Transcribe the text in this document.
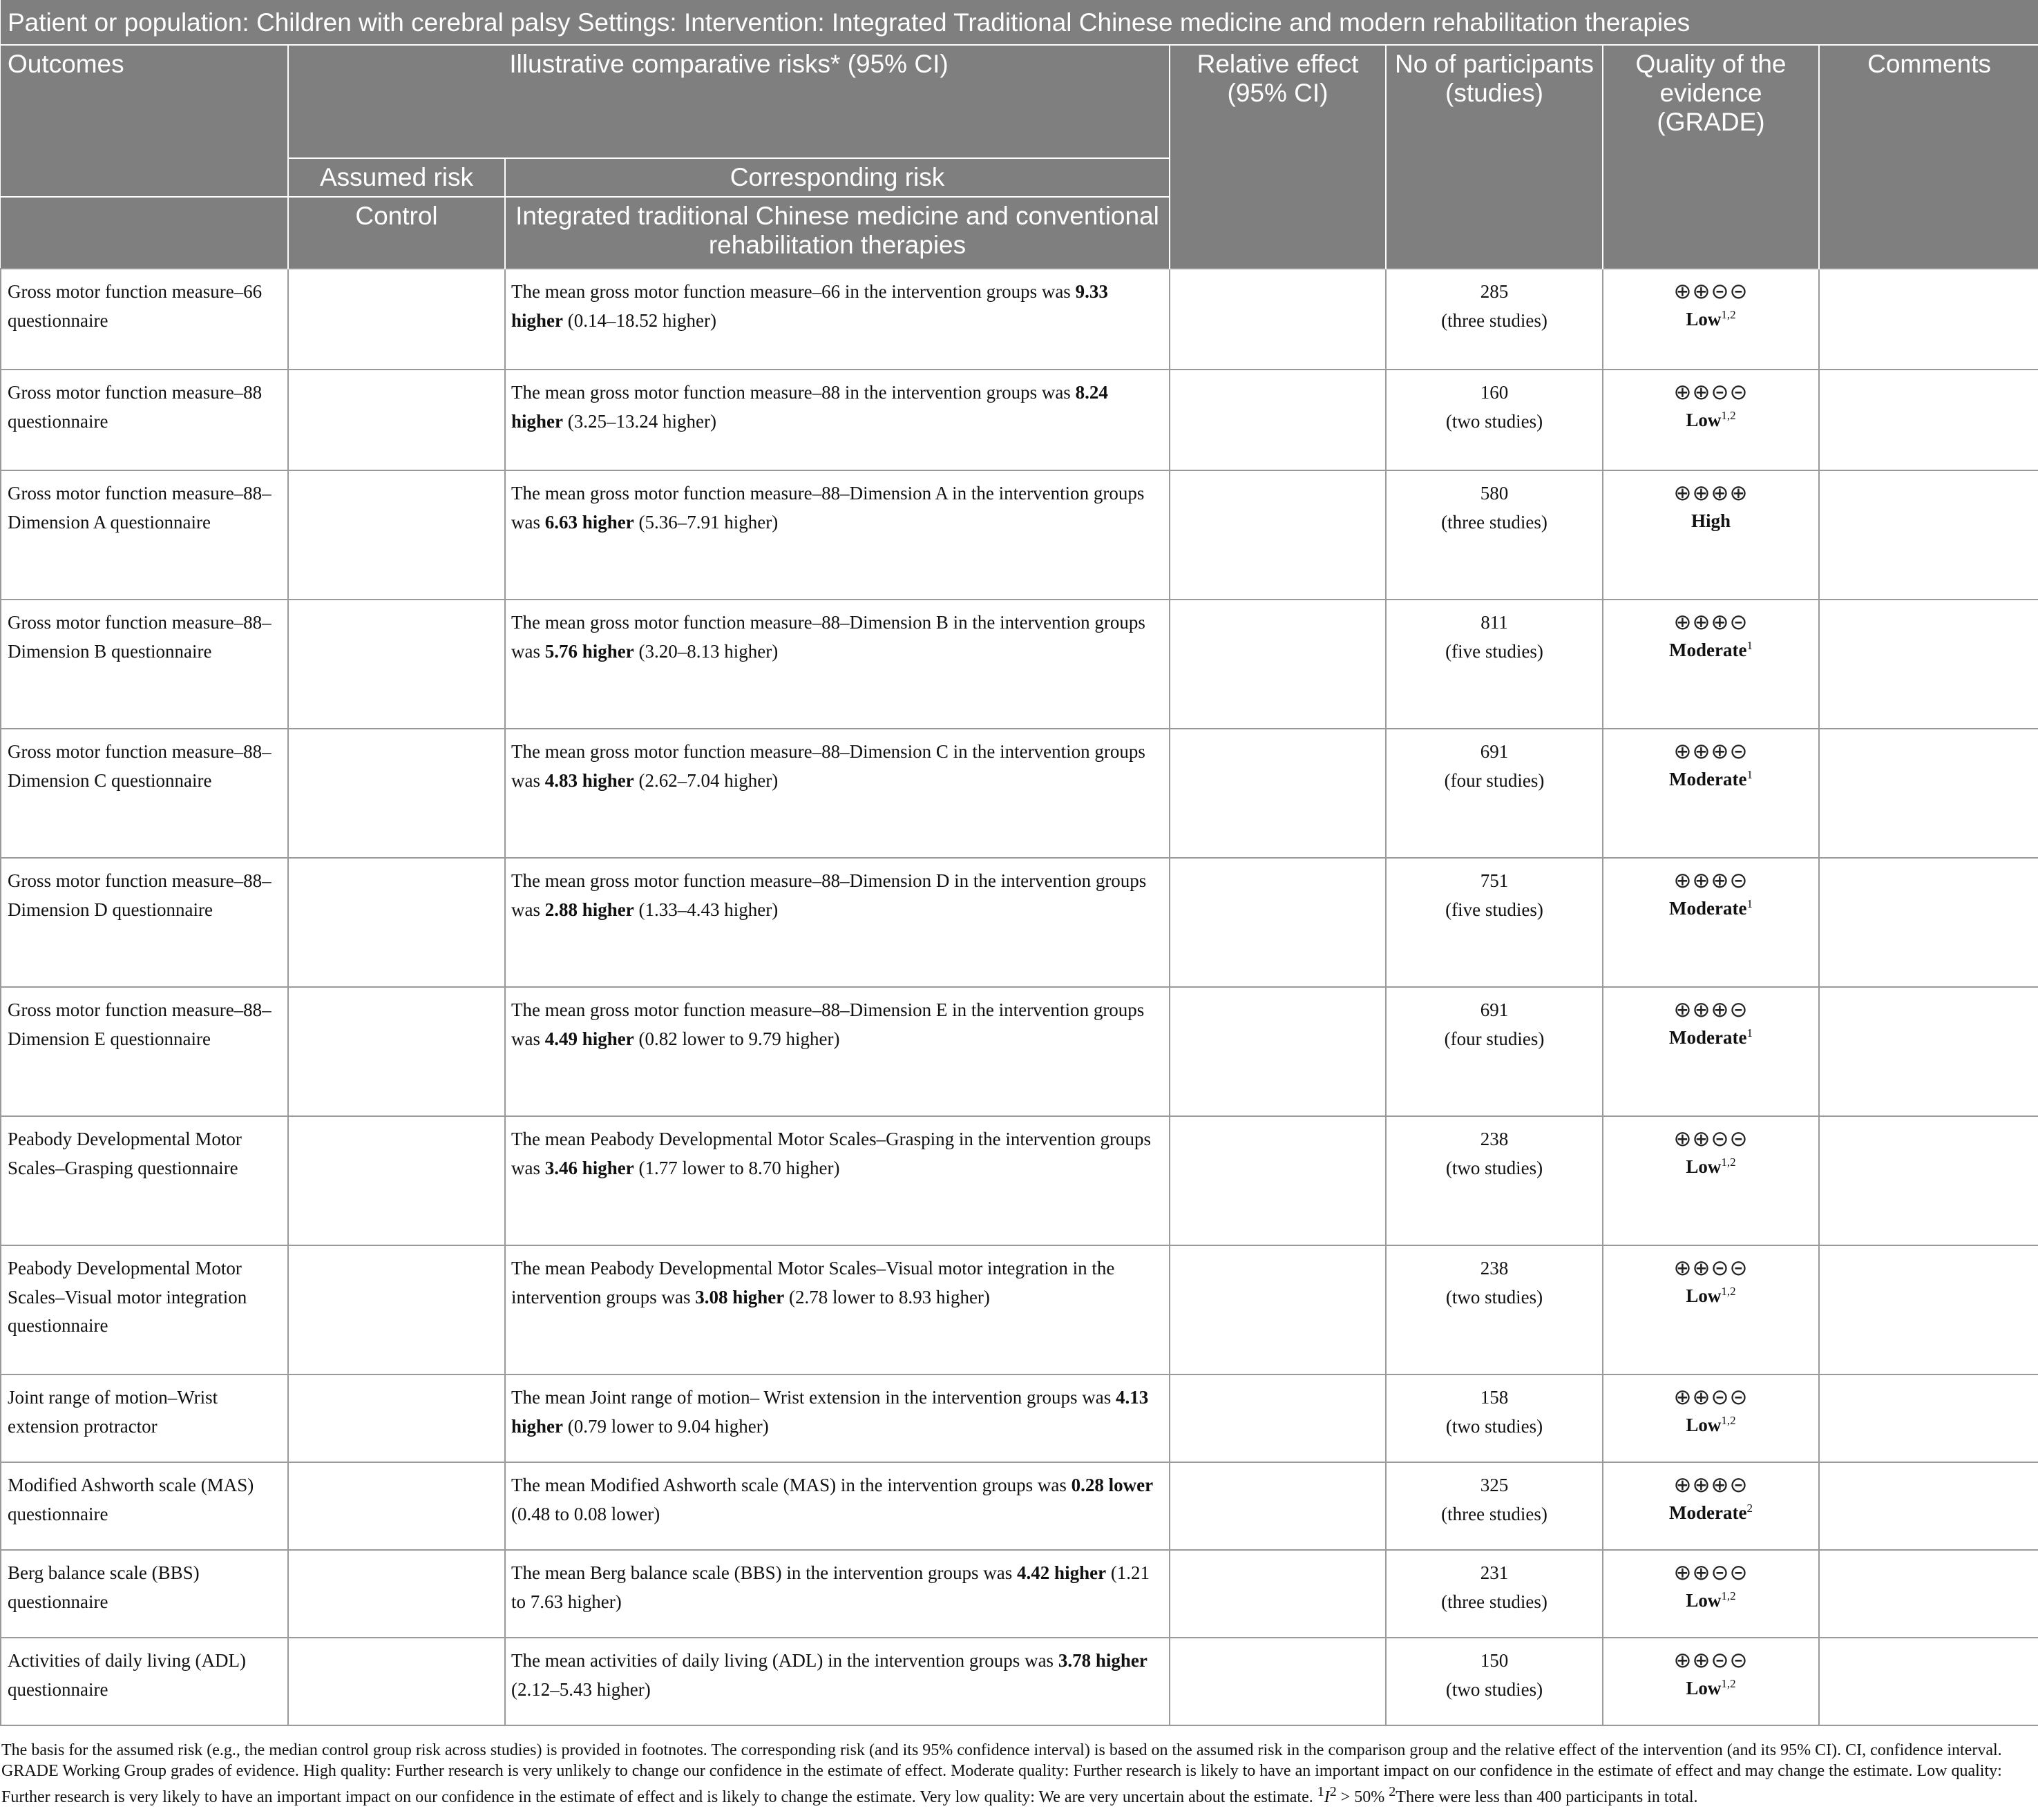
Patient or population: Children with cerebral palsy Settings: Intervention: Integrated Traditional Chinese medicine and modern rehabilitation therapies						
Outcomes	Illustrative comparative risks* (95% CI)		Relative effect (95% CI)	No of participants (studies)	Quality of the evidence (GRADE)	Comments
	Assumed risk	Corresponding risk				
	Control	Integrated traditional Chinese medicine and conventional rehabilitation therapies				
Gross motor function measure–66 questionnaire		The mean gross motor function measure–66 in the intervention groups was 9.33 higher (0.14–18.52 higher)		285
(three studies)	⊕⊕⊝⊝
Low$^{1,2}$

Gross motor function measure–88 questionnaire		The mean gross motor function measure–88 in the intervention groups was 8.24 higher (3.25–13.24 higher)		160
(two studies)	⊕⊕⊝⊝
Low$^{1,2}$

Gross motor function measure–88–Dimension A questionnaire		The mean gross motor function measure–88–Dimension A in the intervention groups was 6.63 higher (5.36–7.91 higher)		580
(three studies)	⊕⊕⊕⊕
High	

Gross motor function measure–88–Dimension B questionnaire		The mean gross motor function measure–88–Dimension B in the intervention groups was 5.76 higher (3.20–8.13 higher)		811
(five studies)	⊕⊕⊕⊝
Moderate$^1$

Gross motor function measure–88–Dimension C questionnaire		The mean gross motor function measure–88–Dimension C in the intervention groups was 4.83 higher (2.62–7.04 higher)		691
(four studies)	⊕⊕⊕⊝
Moderate$^1$

Gross motor function measure–88–Dimension D questionnaire		The mean gross motor function measure–88–Dimension D in the intervention groups was 2.88 higher (1.33–4.43 higher)		751
(five studies)	⊕⊕⊕⊝
Moderate$^1$

Gross motor function measure–88–Dimension E questionnaire		The mean gross motor function measure–88–Dimension E in the intervention groups was 4.49 higher (0.82 lower to 9.79 higher)		691
(four studies)	⊕⊕⊕⊝
Moderate$^1$

Peabody Developmental Motor Scales–Grasping questionnaire		The mean Peabody Developmental Motor Scales–Grasping in the intervention groups was 3.46 higher (1.77 lower to 8.70 higher)		238
(two studies)	⊕⊕⊝⊝
Low$^{1,2}$

Peabody Developmental Motor Scales–Visual motor integration questionnaire		The mean Peabody Developmental Motor Scales–Visual motor integration in the intervention groups was 3.08 higher (2.78 lower to 8.93 higher)		238
(two studies)	⊕⊕⊝⊝
Low$^{1,2}$

Joint range of motion–Wrist extension protractor		The mean Joint range of motion– Wrist extension in the intervention groups was 4.13 higher (0.79 lower to 9.04 higher)		158
(two studies)	⊕⊕⊝⊝
Low$^{1,2}$

Modified Ashworth scale (MAS) questionnaire		The mean Modified Ashworth scale (MAS) in the intervention groups was 0.28 lower (0.48 to 0.08 lower)		325
(three studies)	⊕⊕⊕⊝
Moderate$^2$

Berg balance scale (BBS) questionnaire		The mean Berg balance scale (BBS) in the intervention groups was 4.42 higher (1.21 to 7.63 higher)		231
(three studies)	⊕⊕⊝⊝
Low$^{1,2}$

Activities of daily living (ADL) questionnaire		The mean activities of daily living (ADL) in the intervention groups was 3.78 higher (2.12–5.43 higher)		150
(two studies)	⊕⊕⊝⊝
Low$^{1,2}$

The basis for the assumed risk (e.g., the median control group risk across studies) is provided in footnotes. The corresponding risk (and its 95% confidence interval) is based on the assumed risk in the comparison group and the relative effect of the intervention (and its 95% CI). CI, confidence interval. GRADE Working Group grades of evidence. High quality: Further research is very unlikely to change our confidence in the estimate of effect. Moderate quality: Further research is likely to have an important impact on our confidence in the estimate of effect and may change the estimate. Low quality: Further research is very likely to have an important impact on our confidence in the estimate of effect and is likely to change the estimate. Very low quality: We are very uncertain about the estimate. $^1I^2 > 50\%$ $^2$There were less than 400 participants in total.
